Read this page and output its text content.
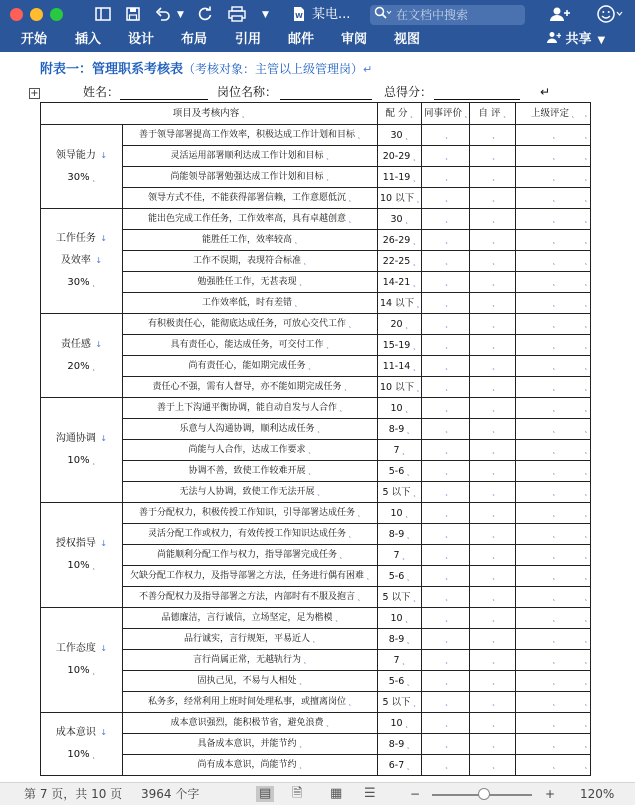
▼	▼	W 某电...	在文档中搜索
开始 插入 设计 布局 引用 邮件 审阅 视图	共享 ▼
附表一：管理职系考核表（考核对象：主管以上级管理岗）↵
+	姓名：	岗位名称：	总得分：	↵
项目及考核内容 ˛		配 分 ˛	同事评价 ˛	自 评 ˛	上级评定 ˛

领导能力 ↓
30% ˛	善于领导部署提高工作效率，积极达成工作计划和目标 ˛	30 ˛	˛	˛	˛
	灵活运用部署顺利达成工作计划和目标 ˛	20-29 ˛	˛	˛	˛
	尚能领导部署勉强达成工作计划和目标 ˛	11-19 ˛	˛	˛	˛
	领导方式不佳，不能获得部署信赖，工作意愿低沉 ˛	10 以下 ˛	˛	˛	˛

工作任务 ↓
及效率 ↓
30% ˛	能出色完成工作任务，工作效率高，具有卓越创意 ˛	30 ˛	˛	˛	˛
	能胜任工作，效率较高 ˛	26-29 ˛	˛	˛	˛
	工作不误期，表现符合标准 ˛	22-25 ˛	˛	˛	˛
	勉强胜任工作，无甚表现 ˛	14-21 ˛	˛	˛	˛
	工作效率低，时有差错 ˛	14 以下 ˛	˛	˛	˛

责任感 ↓
20% ˛	有积极责任心，能彻底达成任务，可放心交代工作 ˛	20 ˛	˛	˛	˛
	具有责任心，能达成任务，可交付工作 ˛	15-19 ˛	˛	˛	˛
	尚有责任心，能如期完成任务 ˛	11-14 ˛	˛	˛	˛
	责任心不强，需有人督导，亦不能如期完成任务 ˛	10 以下 ˛	˛	˛	˛

沟通协调 ↓
10% ˛	善于上下沟通平衡协调，能自动自发与人合作 ˛	10 ˛	˛	˛	˛
	乐意与人沟通协调，顺利达成任务 ˛	8-9 ˛	˛	˛	˛
	尚能与人合作，达成工作要求 ˛	7 ˛	˛	˛	˛
	协调不善，致使工作较难开展 ˛	5-6 ˛	˛	˛	˛
	无法与人协调，致使工作无法开展 ˛	5 以下 ˛	˛	˛	˛

授权指导 ↓
10% ˛	善于分配权力，积极传授工作知识，引导部署达成任务 ˛	10 ˛	˛	˛	˛
	灵活分配工作或权力，有效传授工作知识达成任务 ˛	8-9 ˛	˛	˛	˛
	尚能顺利分配工作与权力，指导部署完成任务 ˛	7 ˛	˛	˛	˛
	欠缺分配工作权力，及指导部署之方法，任务进行偶有困难 ˛	5-6 ˛	˛	˛	˛
	不善分配权力及指导部署之方法，内部时有不服及抱言 ˛	5 以下 ˛	˛	˛	˛

工作态度 ↓
10% ˛	品德廉洁，言行诚信，立场坚定，足为楷模 ˛	10 ˛	˛	˛	˛
	品行诚实，言行规矩，平易近人 ˛	8-9 ˛	˛	˛	˛
	言行尚属正常，无越轨行为 ˛	7 ˛	˛	˛	˛
	固执己见，不易与人相处 ˛	5-6 ˛	˛	˛	˛
	私务多，经常利用上班时间处理私事，或擅离岗位 ˛	5 以下 ˛	˛	˛	˛

成本意识 ↓
10% ˛	成本意识强烈，能积极节省，避免浪费 ˛	10 ˛	˛	˛	˛
	具备成本意识，并能节约 ˛	8-9 ˛	˛	˛	˛
	尚有成本意识，尚能节约 ˛	6-7 ˛	˛	˛	˛
˛
˛
˛
˛
˛
˛
˛
˛
˛
˛
˛
˛
˛
˛
˛
˛
˛
˛
˛
˛
˛
˛
˛
˛
˛
˛
˛
˛
˛
˛
˛
˛
第 7 页，共 10 页 3964 个字	▤ 🗎 ▦ ☰	−	+ 120%
